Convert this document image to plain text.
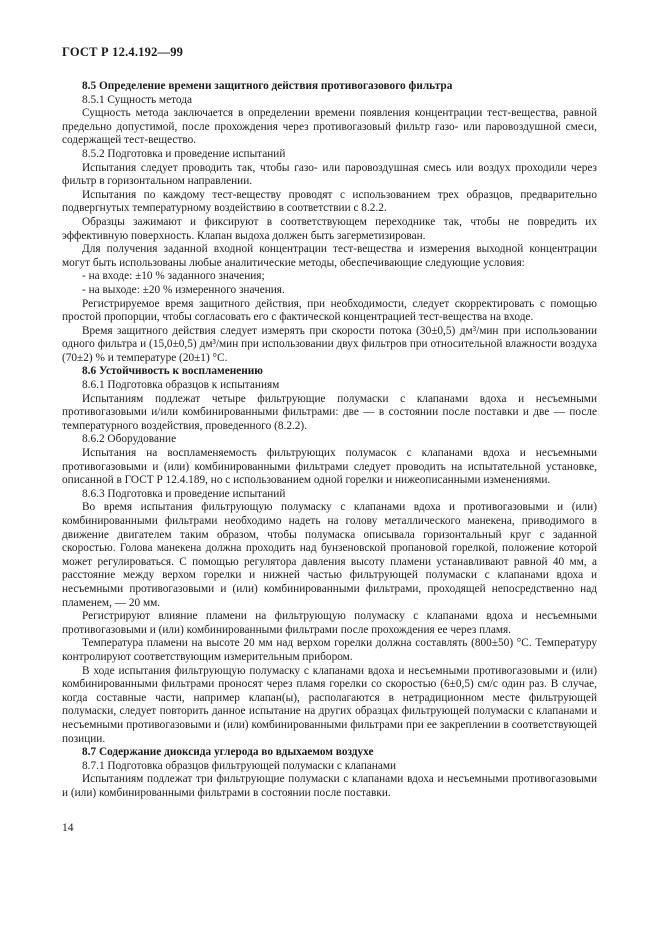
ГОСТ Р 12.4.192—99

8.5 Определение времени защитного действия противогазового фильтра

8.5.1 Сущность метода

Сущность метода заключается в определении времени появления концентрации тест-вещества, равной предельно допустимой, после прохождения через противогазовый фильтр газо- или паровоздушной смеси, содержащей тест-вещество.

8.5.2 Подготовка и проведение испытаний

Испытания следует проводить так, чтобы газо- или паровоздушная смесь или воздух проходили через фильтр в горизонтальном направлении.

Испытания по каждому тест-веществу проводят с использованием трех образцов, предварительно подвергнутых температурному воздействию в соответствии с 8.2.2.

Образцы зажимают и фиксируют в соответствующем переходнике так, чтобы не повредить их эффективную поверхность. Клапан выдоха должен быть загерметизирован.

Для получения заданной входной концентрации тест-вещества и измерения выходной концентрации могут быть использованы любые аналитические методы, обеспечивающие следующие условия:

- на входе: ±10 % заданного значения;

- на выходе: ±20 % измеренного значения.

Регистрируемое время защитного действия, при необходимости, следует скорректировать с помощью простой пропорции, чтобы согласовать его с фактической концентрацией тест-вещества на входе.

Время защитного действия следует измерять при скорости потока (30±0,5) дм³/мин при использовании одного фильтра и (15,0±0,5) дм³/мин при использовании двух фильтров при относительной влажности воздуха (70±2) % и температуре (20±1) °С.

8.6 Устойчивость к воспламенению

8.6.1 Подготовка образцов к испытаниям

Испытаниям подлежат четыре фильтрующие полумаски с клапанами вдоха и несъемными противогазовыми и/или комбинированными фильтрами: две — в состоянии после поставки и две — после температурного воздействия, проведенного (8.2.2).

8.6.2 Оборудование

Испытания на воспламеняемость фильтрующих полумасок с клапанами вдоха и несъемными противогазовыми и (или) комбинированными фильтрами следует проводить на испытательной установке, описанной в ГОСТ Р 12.4.189, но с использованием одной горелки и нижеописанными изменениями.

8.6.3 Подготовка и проведение испытаний

Во время испытания фильтрующую полумаску с клапанами вдоха и противогазовыми и (или) комбинированными фильтрами необходимо надеть на голову металлического манекена, приводимого в движение двигателем таким образом, чтобы полумаска описывала горизонтальный круг с заданной скоростью. Голова манекена должна проходить над бунзеновской пропановой горелкой, положение которой может регулироваться. С помощью регулятора давления высоту пламени устанавливают равной 40 мм, а расстояние между верхом горелки и нижней частью фильтрующей полумаски с клапанами вдоха и несъемными противогазовыми и (или) комбинированными фильтрами, проходящей непосредственно над пламенем, — 20 мм.

Регистрируют влияние пламени на фильтрующую полумаску с клапанами вдоха и несъемными противогазовыми и (или) комбинированными фильтрами после прохождения ее через пламя.

Температура пламени на высоте 20 мм над верхом горелки должна составлять (800±50) °С. Температуру контролируют соответствующим измерительным прибором.

В ходе испытания фильтрующую полумаску с клапанами вдоха и несъемными противогазовыми и (или) комбинированными фильтрами проносят через пламя горелки со скоростью (6±0,5) см/с один раз. В случае, когда составные части, например клапан(ы), располагаются в нетрадиционном месте фильтрующей полумаски, следует повторить данное испытание на других образцах фильтрующей полумаски с клапанами и несъемными противогазовыми и (или) комбинированными фильтрами при ее закреплении в соответствующей позиции.

8.7 Содержание диоксида углерода во вдыхаемом воздухе

8.7.1 Подготовка образцов фильтрующей полумаски с клапанами

Испытаниям подлежат три фильтрующие полумаски с клапанами вдоха и несъемными противогазовыми и (или) комбинированными фильтрами в состоянии после поставки.

14
